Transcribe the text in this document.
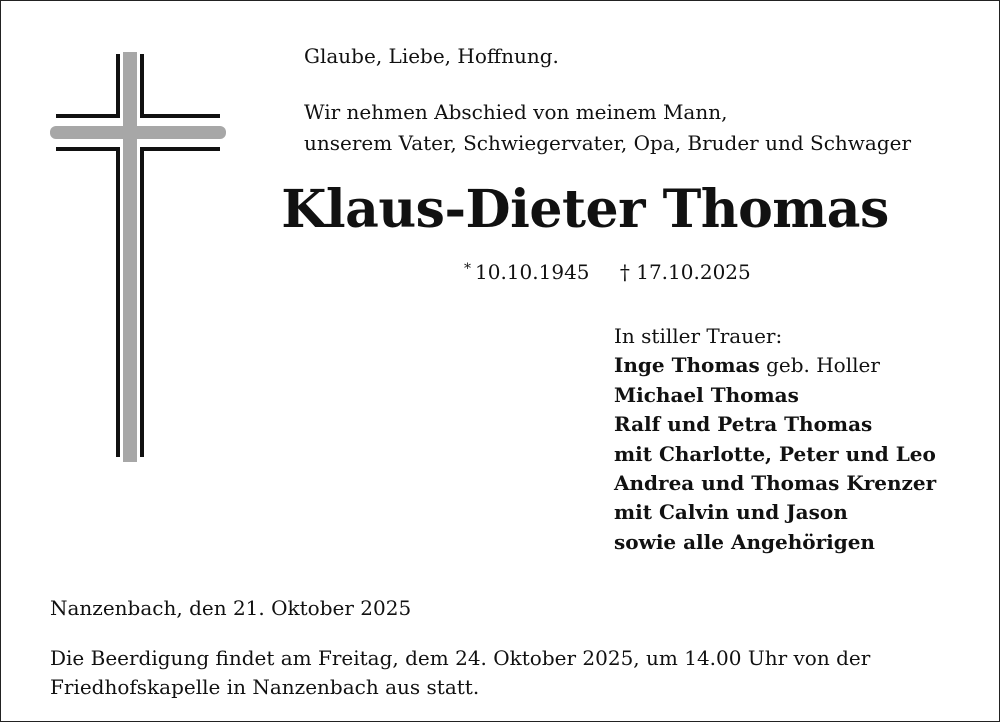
Glaube, Liebe, Hoffnung.
Wir nehmen Abschied von meinem Mann,
unserem Vater, Schwiegervater, Opa, Bruder und Schwager
Klaus-Dieter Thomas
* 10.10.1945 † 17.10.2025
In stiller Trauer:
Inge Thomas geb. Holler
Michael Thomas
Ralf und Petra Thomas
mit Charlotte, Peter und Leo
Andrea und Thomas Krenzer
mit Calvin und Jason
sowie alle Angehörigen
Nanzenbach, den 21. Oktober 2025
Die Beerdigung findet am Freitag, dem 24. Oktober 2025, um 14.00 Uhr von der
Friedhofskapelle in Nanzenbach aus statt.
